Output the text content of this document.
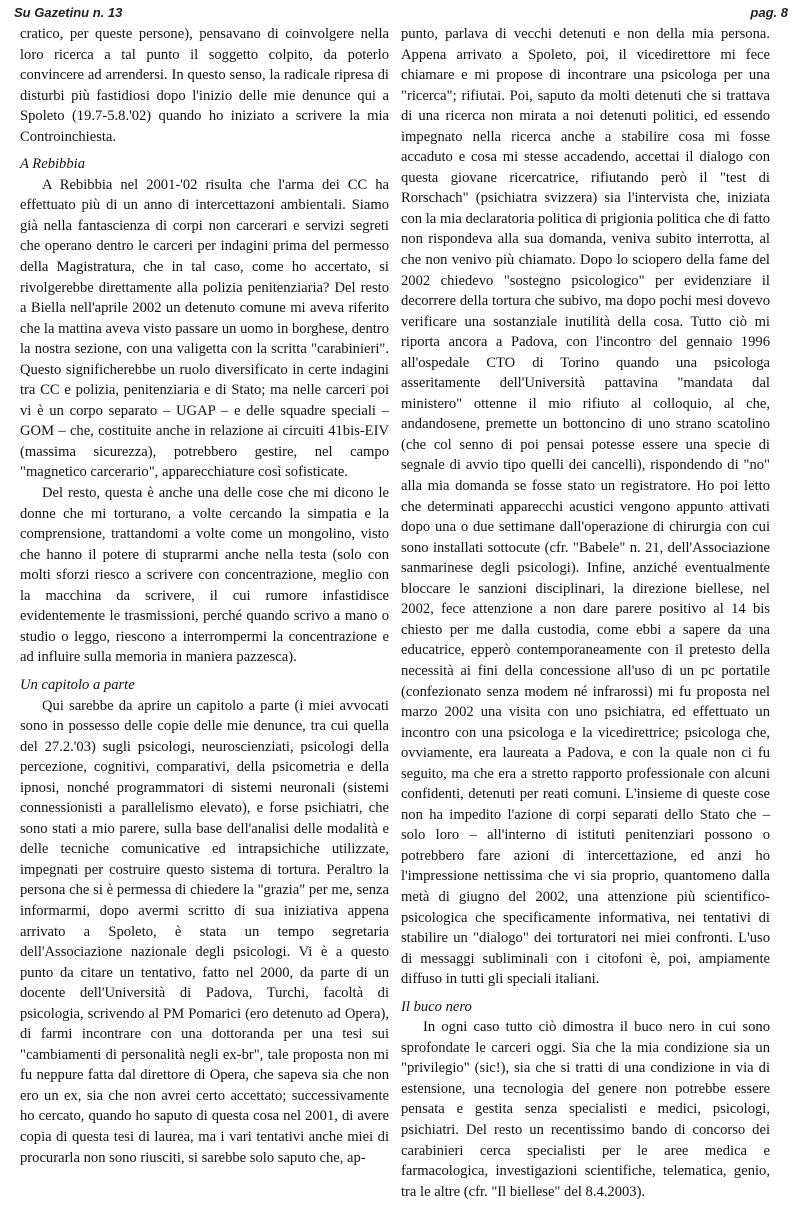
Su Gazetinu n. 13	pag. 8

cratico, per queste persone), pensavano di coinvolgere nella loro ricerca a tal punto il soggetto colpito, da poterlo convincere ad arrendersi. In questo senso, la radicale ripresa di disturbi più fastidiosi dopo l'inizio delle mie denunce qui a Spoleto (19.7-5.8.'02) quando ho iniziato a scrivere la mia Controinchiesta.

A Rebibbia

A Rebibbia nel 2001-'02 risulta che l'arma dei CC ha effettuato più di un anno di intercettazoni ambientali. Siamo già nella fantascienza di corpi non carcerari e servizi segreti che operano dentro le carceri per indagini prima del permesso della Magistratura, che in tal caso, come ho accertato, si rivolgerebbe direttamente alla polizia penitenziaria? Del resto a Biella nell'aprile 2002 un detenuto comune mi aveva riferito che la mattina aveva visto passare un uomo in borghese, dentro la nostra sezione, con una valigetta con la scritta "carabinieri". Questo significherebbe un ruolo diversificato in certe indagini tra CC e polizia, penitenziaria e di Stato; ma nelle carceri poi vi è un corpo separato – UGAP – e delle squadre speciali – GOM – che, costituite anche in relazione ai circuiti 41bis-EIV (massima sicurezza), potrebbero gestire, nel campo "magnetico carcerario", apparecchiature così sofisticate.

Del resto, questa è anche una delle cose che mi dicono le donne che mi torturano, a volte cercando la simpatia e la comprensione, trattandomi a volte come un mongolino, visto che hanno il potere di stuprarmi anche nella testa (solo con molti sforzi riesco a scrivere con concentrazione, meglio con la macchina da scrivere, il cui rumore infastidisce evidentemente le trasmissioni, perché quando scrivo a mano o studio o leggo, riescono a interrompermi la concentrazione e ad influire sulla memoria in maniera pazzesca).

Un capitolo a parte

Qui sarebbe da aprire un capitolo a parte (i miei avvocati sono in possesso delle copie delle mie denunce, tra cui quella del 27.2.'03) sugli psicologi, neuroscienziati, psicologi della percezione, cognitivi, comparativi, della psicometria e della ipnosi, nonché programmatori di sistemi neuronali (sistemi connessionisti a parallelismo elevato), e forse psichiatri, che sono stati a mio parere, sulla base dell'analisi delle modalità e delle tecniche comunicative ed intrapsichiche utilizzate, impegnati per costruire questo sistema di tortura. Peraltro la persona che si è permessa di chiedere la "grazia" per me, senza informarmi, dopo avermi scritto di sua iniziativa appena arrivato a Spoleto, è stata un tempo segretaria dell'Associazione nazionale degli psicologi. Vi è a questo punto da citare un tentativo, fatto nel 2000, da parte di un docente dell'Università di Padova, Turchi, facoltà di psicologia, scrivendo al PM Pomarici (ero detenuto ad Opera), di farmi incontrare con una dottoranda per una tesi sui "cambiamenti di personalità negli ex-br", tale proposta non mi fu neppure fatta dal direttore di Opera, che sapeva sia che non ero un ex, sia che non avrei certo accettato; successivamente ho cercato, quando ho saputo di questa cosa nel 2001, di avere copia di questa tesi di laurea, ma i vari tentativi anche miei di procurarla non sono riusciti, si sarebbe solo saputo che, ap-

punto, parlava di vecchi detenuti e non della mia persona. Appena arrivato a Spoleto, poi, il vicedirettore mi fece chiamare e mi propose di incontrare una psicologa per una "ricerca"; rifiutai. Poi, saputo da molti detenuti che si trattava di una ricerca non mirata a noi detenuti politici, ed essendo impegnato nella ricerca anche a stabilire cosa mi fosse accaduto e cosa mi stesse accadendo, accettai il dialogo con questa giovane ricercatrice, rifiutando però il "test di Rorschach" (psichiatra svizzera) sia l'intervista che, iniziata con la mia declaratoria politica di prigionia politica che di fatto non rispondeva alla sua domanda, veniva subito interrotta, al che non venivo più chiamato. Dopo lo sciopero della fame del 2002 chiedevo "sostegno psicologico" per evidenziare il decorrere della tortura che subivo, ma dopo pochi mesi dovevo verificare una sostanziale inutilità della cosa. Tutto ciò mi riporta ancora a Padova, con l'incontro del gennaio 1996 all'ospedale CTO di Torino quando una psicologa asseritamente dell'Università pattavina "mandata dal ministero" ottenne il mio rifiuto al colloquio, al che, andandosene, premette un bottoncino di uno strano scatolino (che col senno di poi pensai potesse essere una specie di segnale di avvio tipo quelli dei cancelli), rispondendo di "no" alla mia domanda se fosse stato un registratore. Ho poi letto che determinati apparecchi acustici vengono appunto attivati dopo una o due settimane dall'operazione di chirurgia con cui sono installati sottocute (cfr. "Babele" n. 21, dell'Associazione sanmarinese degli psicologi). Infine, anziché eventualmente bloccare le sanzioni disciplinari, la direzione biellese, nel 2002, fece attenzione a non dare parere positivo al 14 bis chiesto per me dalla custodia, come ebbi a sapere da una educatrice, epperò contemporaneamente con il pretesto della necessità ai fini della concessione all'uso di un pc portatile (confezionato senza modem né infrarossi) mi fu proposta nel marzo 2002 una visita con uno psichiatra, ed effettuato un incontro con una psicologa e la vicedirettrice; psicologa che, ovviamente, era laureata a Padova, e con la quale non ci fu seguito, ma che era a stretto rapporto professionale con alcuni confidenti, detenuti per reati comuni. L'insieme di queste cose non ha impedito l'azione di corpi separati dello Stato che – solo loro – all'interno di istituti penitenziari possono o potrebbero fare azioni di intercettazione, ed anzi ho l'impressione nettissima che vi sia proprio, quantomeno dalla metà di giugno del 2002, una attenzione più scientifico-psicologica che specificamente informativa, nei tentativi di stabilire un "dialogo" dei torturatori nei miei confronti. L'uso di messaggi subliminali con i citofoni è, poi, ampiamente diffuso in tutti gli speciali italiani.

Il buco nero

In ogni caso tutto ciò dimostra il buco nero in cui sono sprofondate le carceri oggi. Sia che la mia condizione sia un "privilegio" (sic!), sia che si tratti di una condizione in via di estensione, una tecnologia del genere non potrebbe essere pensata e gestita senza specialisti e medici, psicologi, psichiatri. Del resto un recentissimo bando di concorso dei carabinieri cerca specialisti per le aree medica e farmacologica, investigazioni scientifiche, telematica, genio, tra le altre (cfr. "Il biellese" del 8.4.2003).
